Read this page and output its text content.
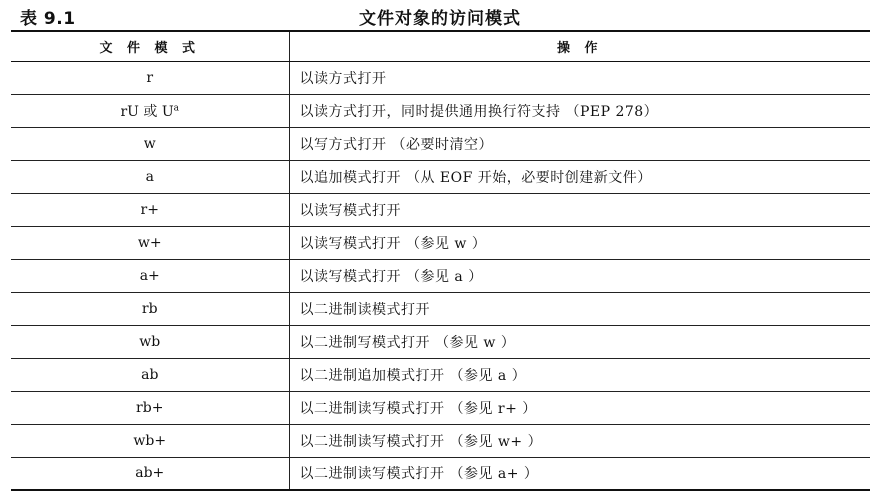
表 9.1	文件对象的访问模式
文 件 模 式	操 作
r	以读方式打开
rU 或 U$^a$	以读方式打开，同时提供通用换行符支持 （PEP 278）
w	以写方式打开 （必要时清空）
a	以追加模式打开 （从 EOF 开始，必要时创建新文件）
r+	以读写模式打开
w+	以读写模式打开 （参见 w ）
a+	以读写模式打开 （参见 a ）
rb	以二进制读模式打开
wb	以二进制写模式打开 （参见 w ）
ab	以二进制追加模式打开 （参见 a ）
rb+	以二进制读写模式打开 （参见 r+ ）
wb+	以二进制读写模式打开 （参见 w+ ）
ab+	以二进制读写模式打开 （参见 a+ ）
